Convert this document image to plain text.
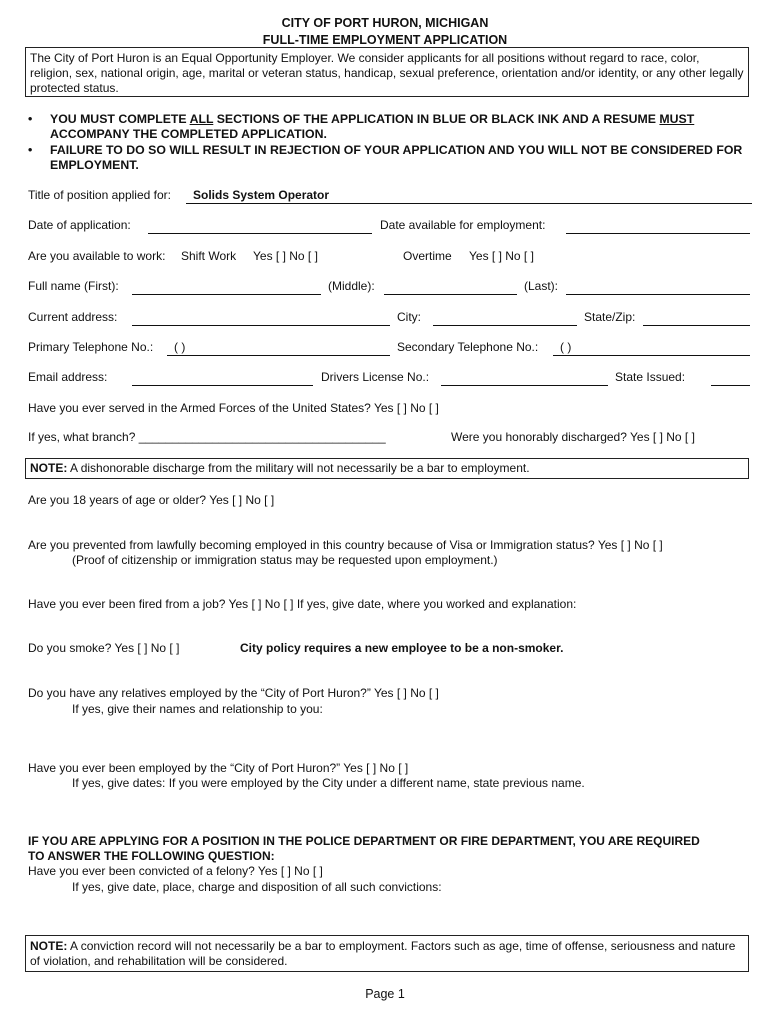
CITY OF PORT HURON, MICHIGAN
FULL-TIME EMPLOYMENT APPLICATION
The City of Port Huron is an Equal Opportunity Employer. We consider applicants for all positions without regard to race, color, religion, sex, national origin, age, marital or veteran status, handicap, sexual preference, orientation and/or identity, or any other legally protected status.
• YOU MUST COMPLETE ALL SECTIONS OF THE APPLICATION IN BLUE OR BLACK INK AND A RESUME MUST ACCOMPANY THE COMPLETED APPLICATION.
• FAILURE TO DO SO WILL RESULT IN REJECTION OF YOUR APPLICATION AND YOU WILL NOT BE CONSIDERED FOR EMPLOYMENT.
Title of position applied for: Solids System Operator
Date of application:	Date available for employment:
Are you available to work: Shift Work Yes [ ] No [ ]	Overtime Yes [ ] No [ ]
Full name (First):	(Middle):	(Last):
Current address:	City:	State/Zip:
Primary Telephone No.: ( )	Secondary Telephone No.: ( )
Email address:	Drivers License No.:	State Issued:
Have you ever served in the Armed Forces of the United States? Yes [ ] No [ ]
If yes, what branch? _____________________________________	Were you honorably discharged? Yes [ ] No [ ]
NOTE: A dishonorable discharge from the military will not necessarily be a bar to employment.
Are you 18 years of age or older? Yes [ ] No [ ]
Are you prevented from lawfully becoming employed in this country because of Visa or Immigration status? Yes [ ] No [ ]
(Proof of citizenship or immigration status may be requested upon employment.)
Have you ever been fired from a job? Yes [ ] No [ ] If yes, give date, where you worked and explanation:
Do you smoke? Yes [ ] No [ ]	City policy requires a new employee to be a non-smoker.
Do you have any relatives employed by the “City of Port Huron?” Yes [ ] No [ ]
If yes, give their names and relationship to you:
Have you ever been employed by the “City of Port Huron?” Yes [ ] No [ ]
If yes, give dates: If you were employed by the City under a different name, state previous name.
IF YOU ARE APPLYING FOR A POSITION IN THE POLICE DEPARTMENT OR FIRE DEPARTMENT, YOU ARE REQUIRED
TO ANSWER THE FOLLOWING QUESTION:
Have you ever been convicted of a felony? Yes [ ] No [ ]
If yes, give date, place, charge and disposition of all such convictions:
NOTE: A conviction record will not necessarily be a bar to employment. Factors such as age, time of offense, seriousness and nature of violation, and rehabilitation will be considered.
Page 1
